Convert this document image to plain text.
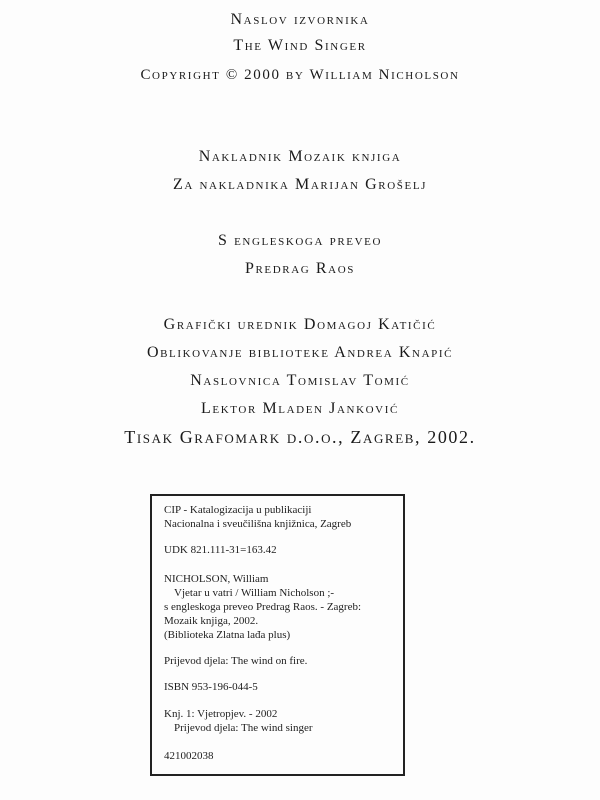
Naslov izvornika
The Wind Singer
Copyright © 2000 by William Nicholson
Nakladnik Mozaik knjiga
Za nakladnika Marijan Grošelj
S engleskoga preveo
Predrag Raos
Grafički urednik Domagoj Katičić
Oblikovanje biblioteke Andrea Knapić
Naslovnica Tomislav Tomić
Lektor Mladen Janković
Tisak Grafomark d.o.o., Zagreb, 2002.
CIP - Katalogizacija u publikaciji
Nacionalna i sveučilišna knjižnica, Zagreb
UDK 821.111-31=163.42
NICHOLSON, William
Vjetar u vatri / William Nicholson ;-
s engleskoga preveo Predrag Raos. - Zagreb:
Mozaik knjiga, 2002.
(Biblioteka Zlatna lađa plus)
Prijevod djela: The wind on fire.
ISBN 953-196-044-5
Knj. 1: Vjetropjev. - 2002
Prijevod djela: The wind singer
421002038
